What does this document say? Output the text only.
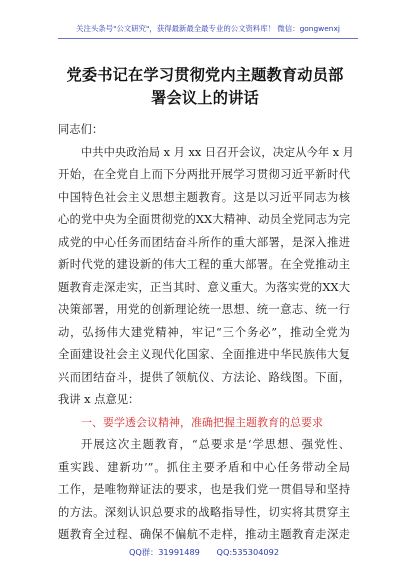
关注头条号"公文研究"，获得最新最全最专业的公文资料库！ 微信：gongwenxj
党委书记在学习贯彻党内主题教育动员部
署会议上的讲话

同志们：

中共中央政治局 x 月 xx 日召开会议，决定从今年 x 月
开始，在全党自上而下分两批开展学习贯彻习近平新时代
中国特色社会主义思想主题教育。这是以习近平同志为核
心的党中央为全面贯彻党的XX大精神、动员全党同志为完
成党的中心任务而团结奋斗所作的重大部署，是深入推进
新时代党的建设新的伟大工程的重大部署。在全党推动主
题教育走深走实，正当其时、意义重大。为落实党的XX大
决策部署，用党的创新理论统一思想、统一意志、统一行
动，弘扬伟大建党精神，牢记“三个务必”，推动全党为
全面建设社会主义现代化国家、全面推进中华民族伟大复
兴而团结奋斗，提供了领航仪、方法论、路线图。下面，
我讲 x 点意见：
一、要学透会议精神，准确把握主题教育的总要求
开展这次主题教育，“总要求是‘学思想、强党性、
重实践、建新功’”。抓住主要矛盾和中心任务带动全局
工作，是唯物辩证法的要求，也是我们党一贯倡导和坚持
的方法。深刻认识总要求的战略指导性，切实将其贯穿主
题教育全过程、确保不偏航不走样，推动主题教育走深走
QQ群：31991489 QQ:535304092
